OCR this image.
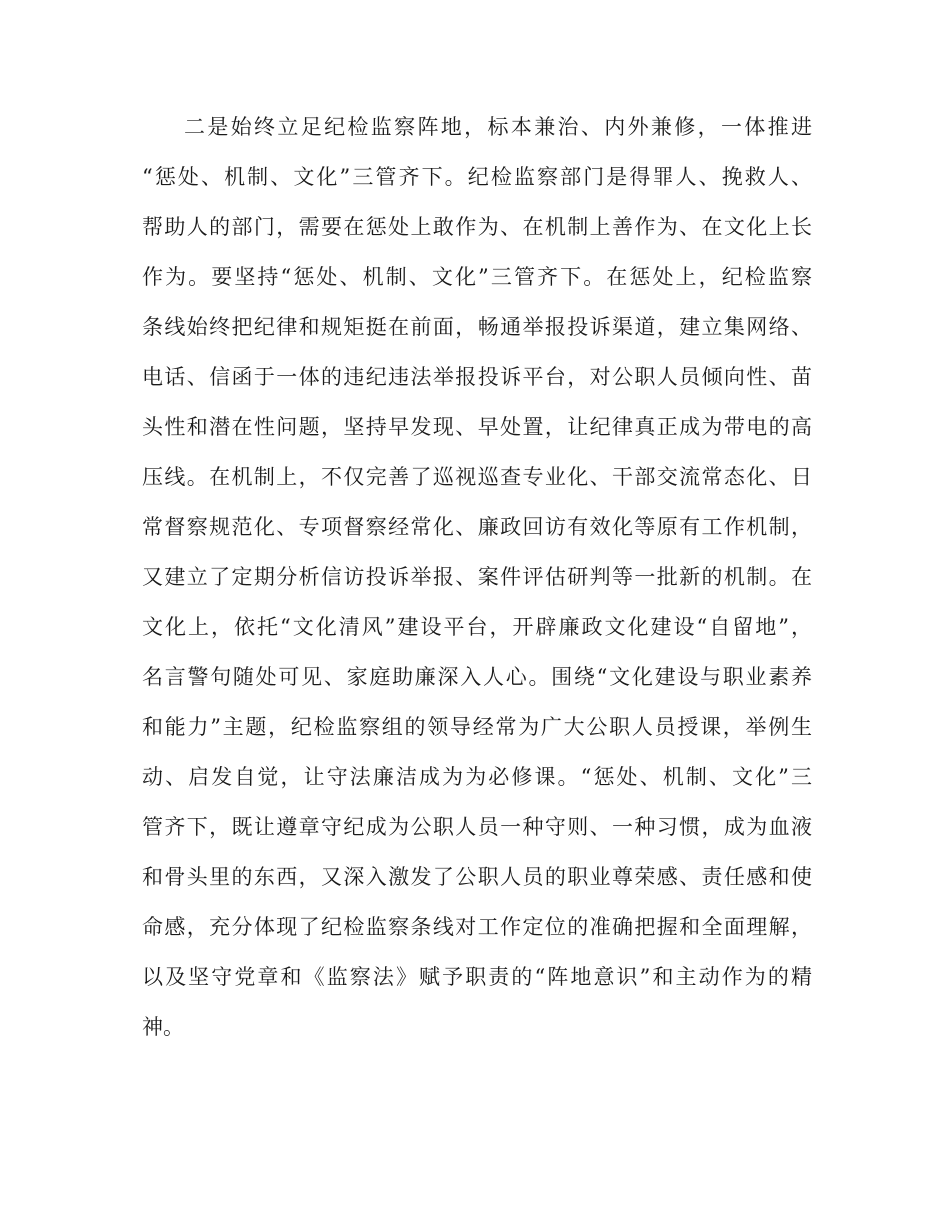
二是始终立足纪检监察阵地，标本兼治、内外兼修，一体推进
“惩处、机制、文化”三管齐下。纪检监察部门是得罪人、挽救人、
帮助人的部门，需要在惩处上敢作为、在机制上善作为、在文化上长
作为。要坚持“惩处、机制、文化”三管齐下。在惩处上，纪检监察
条线始终把纪律和规矩挺在前面，畅通举报投诉渠道，建立集网络、
电话、信函于一体的违纪违法举报投诉平台，对公职人员倾向性、苗
头性和潜在性问题，坚持早发现、早处置，让纪律真正成为带电的高
压线。在机制上，不仅完善了巡视巡查专业化、干部交流常态化、日
常督察规范化、专项督察经常化、廉政回访有效化等原有工作机制，
又建立了定期分析信访投诉举报、案件评估研判等一批新的机制。在
文化上，依托“文化清风”建设平台，开辟廉政文化建设“自留地”，
名言警句随处可见、家庭助廉深入人心。围绕“文化建设与职业素养
和能力”主题，纪检监察组的领导经常为广大公职人员授课，举例生
动、启发自觉，让守法廉洁成为为必修课。“惩处、机制、文化”三
管齐下，既让遵章守纪成为公职人员一种守则、一种习惯，成为血液
和骨头里的东西，又深入激发了公职人员的职业尊荣感、责任感和使
命感，充分体现了纪检监察条线对工作定位的准确把握和全面理解，
以及坚守党章和《监察法》赋予职责的“阵地意识”和主动作为的精
神。
